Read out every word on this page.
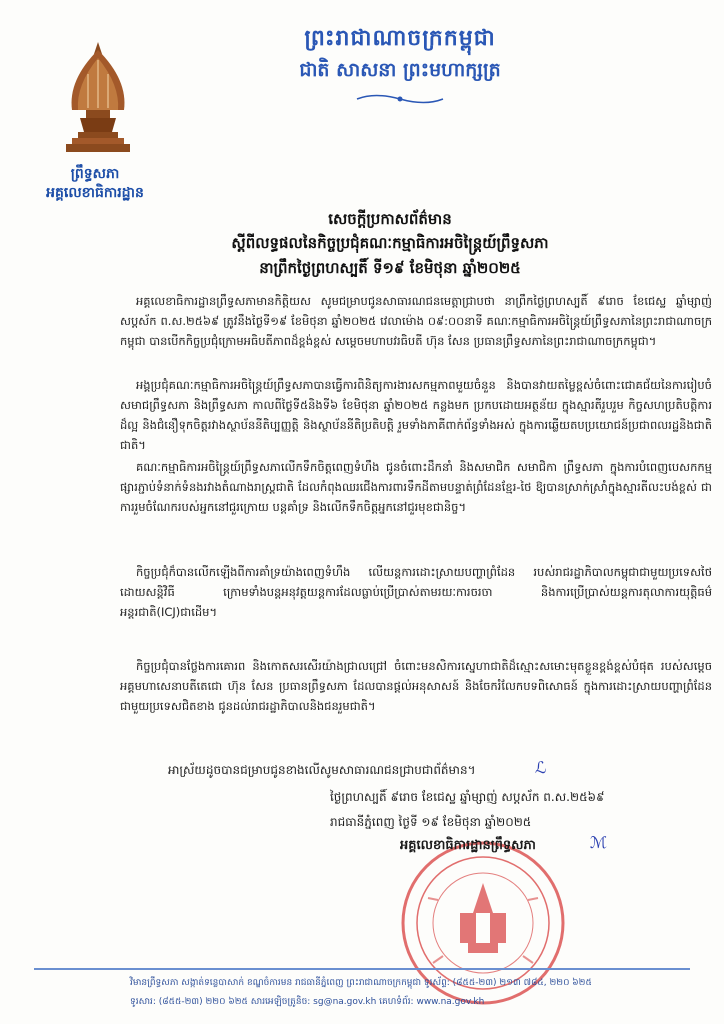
ព្រឹទ្ធសភា
អគ្គលេខាធិការដ្ឋាន
ព្រះរាជាណាចក្រកម្ពុជា
ជាតិ សាសនា ព្រះមហាក្សត្រ
សេចក្តីប្រកាសព័ត៌មាន
ស្តីពីលទ្ធផលនៃកិច្ចប្រជុំគណៈកម្មាធិការអចិន្ត្រៃយ៍ព្រឹទ្ធសភា
នាព្រឹកថ្ងៃព្រហស្បតិ៍ ទី១៩ ខែមិថុនា ឆ្នាំ២០២៥
អគ្គលេខាធិការដ្ឋានព្រឹទ្ធសភាមានកិត្តិយស សូមជម្រាបជូនសាធារណជនមេត្តាជ្រាបថា នាព្រឹកថ្ងៃព្រហស្បតិ៍ ៩រោច ខែជេស្ឋ ឆ្នាំម្សាញ់ សប្តស័ក ព.ស.២៥៦៩ ត្រូវនឹងថ្ងៃទី១៩ ខែមិថុនា ឆ្នាំ២០២៥ វេលាម៉ោង ០៩:០០នាទី គណៈកម្មាធិការអចិន្ត្រៃយ៍ព្រឹទ្ធសភានៃព្រះរាជាណាចក្រកម្ពុជា បានបើកកិច្ចប្រជុំក្រោមអធិបតីភាពដ៏ខ្ពង់ខ្ពស់ សម្តេចមហាបវរធិបតី ហ៊ុន សែន ប្រធានព្រឹទ្ធសភានៃព្រះរាជាណាចក្រកម្ពុជា។
អង្គប្រជុំគណៈកម្មាធិការអចិន្ត្រៃយ៍ព្រឹទ្ធសភាបានធ្វើការពិនិត្យការងារសកម្មភាពមួយចំនួន និងបានវាយតម្លៃខ្ពស់ចំពោះជោគជ័យនៃការរៀបចំសមាជព្រឹទ្ធសភា និងព្រឹទ្ធសភា កាលពីថ្ងៃទី៥និងទី៦ ខែមិថុនា ឆ្នាំ២០២៥ កន្លងមក ប្រកបដោយអត្ថន័យ ក្នុងស្មារតីរួបរួម កិច្ចសហប្រតិបត្តិការដ៏ល្អ និងជំនឿទុកចិត្តរវាងស្ថាប័ននីតិប្បញ្ញត្តិ និងស្ថាប័ននីតិប្រតិបត្តិ រួមទាំងភាគីពាក់ព័ន្ធទាំងអស់ ក្នុងការឆ្លើយតបប្រយោជន៍ប្រជាពលរដ្ឋនិងជាតិជាតិ។
គណៈកម្មាធិការអចិន្ត្រៃយ៍ព្រឹទ្ធសភាលើកទឹកចិត្តពេញទំហឹង ជូនចំពោះដឹកនាំ និងសមាជិក សមាជិកា ព្រឹទ្ធសភា ក្នុងការបំពេញបេសកកម្ម ផ្សារភ្ជាប់ទំនាក់ទំនងរវាងតំណាងរាស្ត្រជាតិ ដែលកំពុងឈរជើងការពារទឹកដីតាមបន្ទាត់ព្រំដែនខ្មែរ-ថៃ ឱ្យបានស្រាក់ស្រាំក្នុងស្មារតីលះបង់ខ្ពស់ ជាការរួមចំណែករបស់អ្នកនៅជួរក្រោយ បន្តគាំទ្រ និងលើកទឹកចិត្តអ្នកនៅជួរមុខជានិច្ច។
កិច្ចប្រជុំក៏បានលើកឡើងពីការគាំទ្រយ៉ាងពេញទំហឹង លើយន្តការដោះស្រាយបញ្ហាព្រំដែន របស់រាជរដ្ឋាភិបាលកម្ពុជាជាមួយប្រទេសថៃ ដោយសន្តិវិធី ក្រោមទាំងបន្តអនុវត្តយន្តការដែលធ្លាប់ប្រើប្រាស់តាមរយៈការចរចា និងការប្រើប្រាស់យន្តការតុលាការយុត្តិធម៌អន្តរជាតិ(ICJ)ជាដើម។
កិច្ចប្រជុំបានថ្លែងការគោរព និងកោតសរសើរយ៉ាងជ្រាលជ្រៅ ចំពោះមនសិការស្នេហាជាតិដ៏ស្មោះសមោះមុតខ្លួនខ្ពង់ខ្ពស់បំផុត របស់សម្តេចអគ្គមហាសេនាបតីតេជោ ហ៊ុន សែន ប្រធានព្រឹទ្ធសភា ដែលបានផ្តល់អនុសាសន៍ និងចែករំលែកបទពិសោធន៍ ក្នុងការដោះស្រាយបញ្ហាព្រំដែនជាមួយប្រទេសជិតខាង ជូនដល់រាជរដ្ឋាភិបាលនិងជនរួមជាតិ។
អាស្រ័យដូចបានជម្រាបជូនខាងលើសូមសាធារណជនជ្រាបជាព័ត៌មាន។	ℒ
ថ្ងៃព្រហស្បតិ៍ ៩រោច ខែជេស្ឋ ឆ្នាំម្សាញ់ សប្តស័ក ព.ស.២៥៦៩
រាជធានីភ្នំពេញ ថ្ងៃទី ១៩ ខែមិថុនា ឆ្នាំ២០២៥
អគ្គលេខាធិការដ្ឋានព្រឹទ្ធសភា	ℳ
វិមានព្រឹទ្ធសភា សង្កាត់ទន្លេបាសាក់ ខណ្ឌចំការមន រាជធានីភ្នំពេញ ព្រះរាជាណាចក្រកម្ពុជា ទូរស័ព្ទ: (៨៥៥-២៣) ២១៣ ៧៨៤, ២២០ ៦២៥
ទូរសារ: (៨៥៥-២៣) ២២០ ៦២៥ សារអេឡិចត្រូនិច: sg@na.gov.kh គេហទំព័រ: www.na.gov.kh
